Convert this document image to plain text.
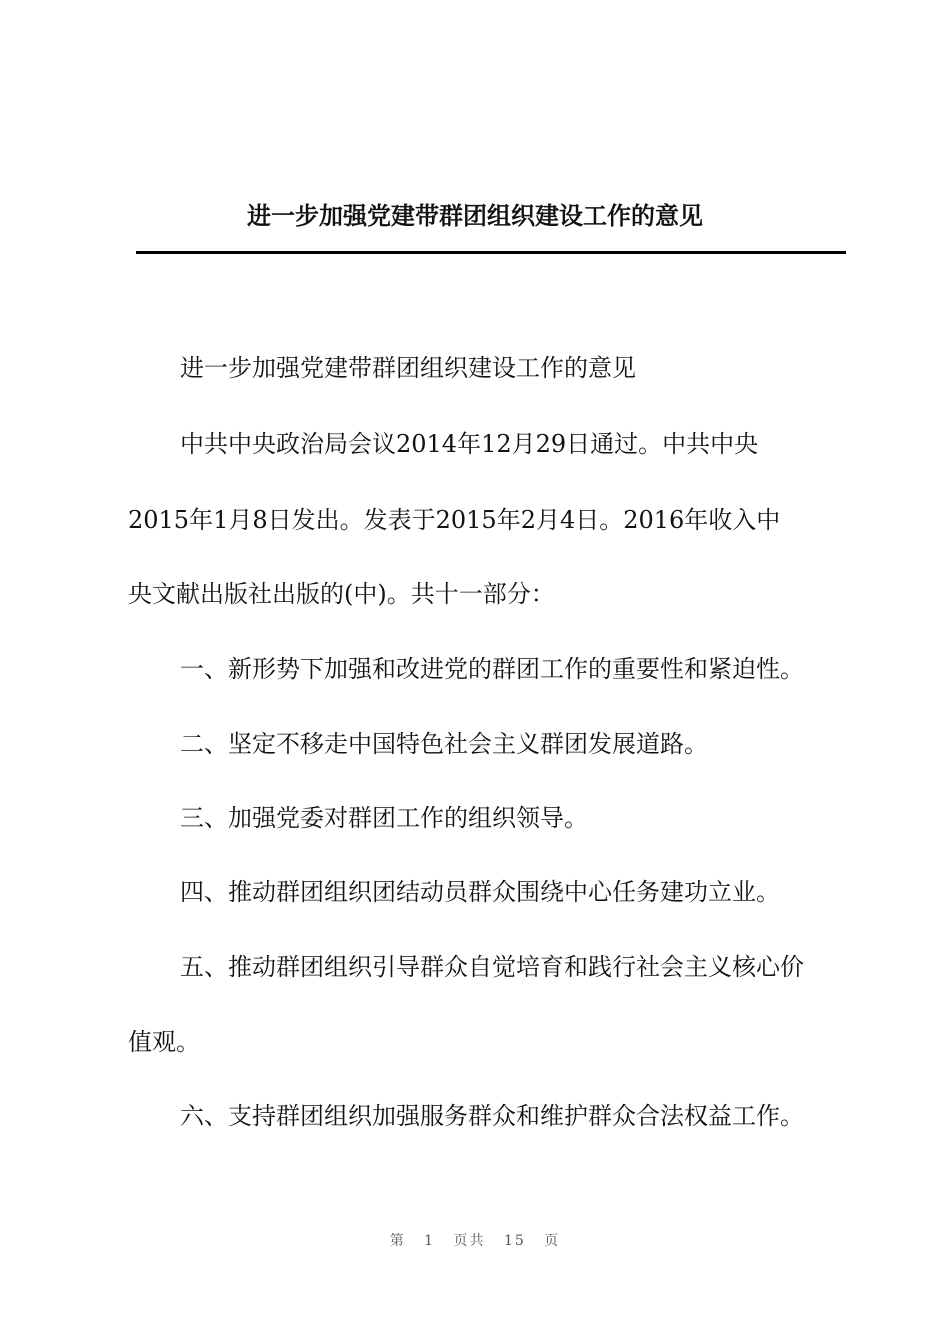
进一步加强党建带群团组织建设工作的意见

进一步加强党建带群团组织建设工作的意见

中共中央政治局会议2014年12月29日通过。中共中央

2015年1月8日发出。发表于2015年2月4日。2016年收入中

央文献出版社出版的(中)。共十一部分：

一、新形势下加强和改进党的群团工作的重要性和紧迫性。

二、坚定不移走中国特色社会主义群团发展道路。

三、加强党委对群团工作的组织领导。

四、推动群团组织团结动员群众围绕中心任务建功立业。

五、推动群团组织引导群众自觉培育和践行社会主义核心价

值观。

六、支持群团组织加强服务群众和维护群众合法权益工作。

第 1 页共 15 页
